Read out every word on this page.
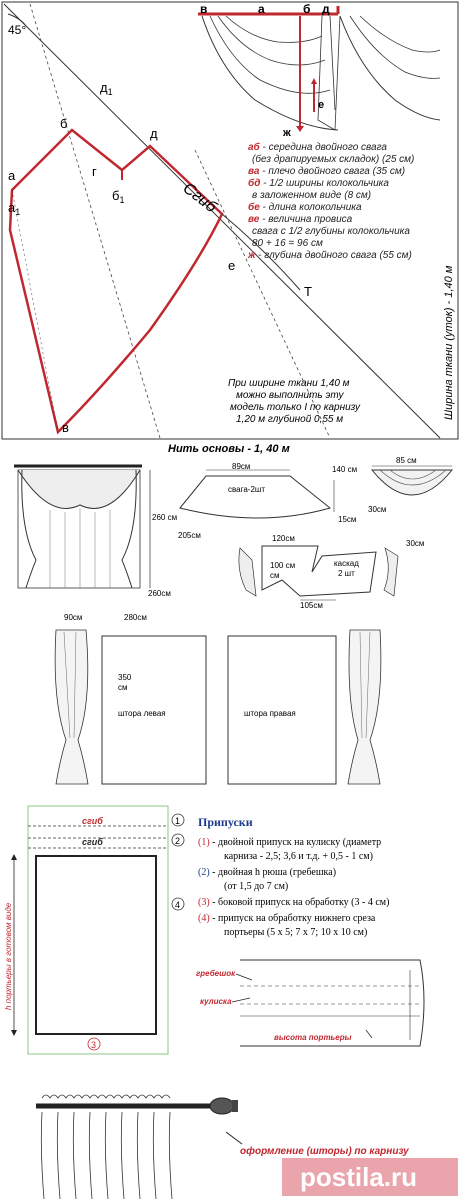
45°
в	а	б д
е
ж
а
$а_1$
б
$д_1$
г
$б_1$
д
е
Т
в
Сгиб
аб - середина двойного свага
(без драпируемых складок) (25 см)
ва - плечо двойного свага (35 см)
бд - 1/2 ширины колокольчика
в заложенном виде (8 см)
бе - длина колокольчика
ве - величина провиса
свага с 1/2 глубины колокольчика
80 + 16 = 96 см
ж - глубина двойного свага (55 см)
Ширина ткани (уток) - 1,40 м
При ширине ткани 1,40 м
можно выполнить эту
модель только I по карнизу
1,20 м глубиной 0,55 м
Нить основы - 1, 40 м
260 см
260см
89см
свага-2шт
205см
140 см
15см
85 см
30см
120см
100 см
см
каскад
2 шт
105см
30см
90см	280см
350
см
штора левая	штора правая
сгиб
сгиб
h портьеры в готовом виде
1
2
4
3
Припуски
(1) - двойной припуск на кулиску (диаметр
карниза - 2,5; 3,6 и т.д. + 0,5 - 1 см)
(2) - двойная h рюша (гребешка)
(от 1,5 до 7 см)
(3) - боковой припуск на обработку (3 - 4 см)
(4) - припуск на обработку нижнего среза
портьеры (5 х 5; 7 х 7; 10 х 10 см)
гребешок
кулиска
высота портьеры
оформление (шторы) по карнизу
postila.ru
